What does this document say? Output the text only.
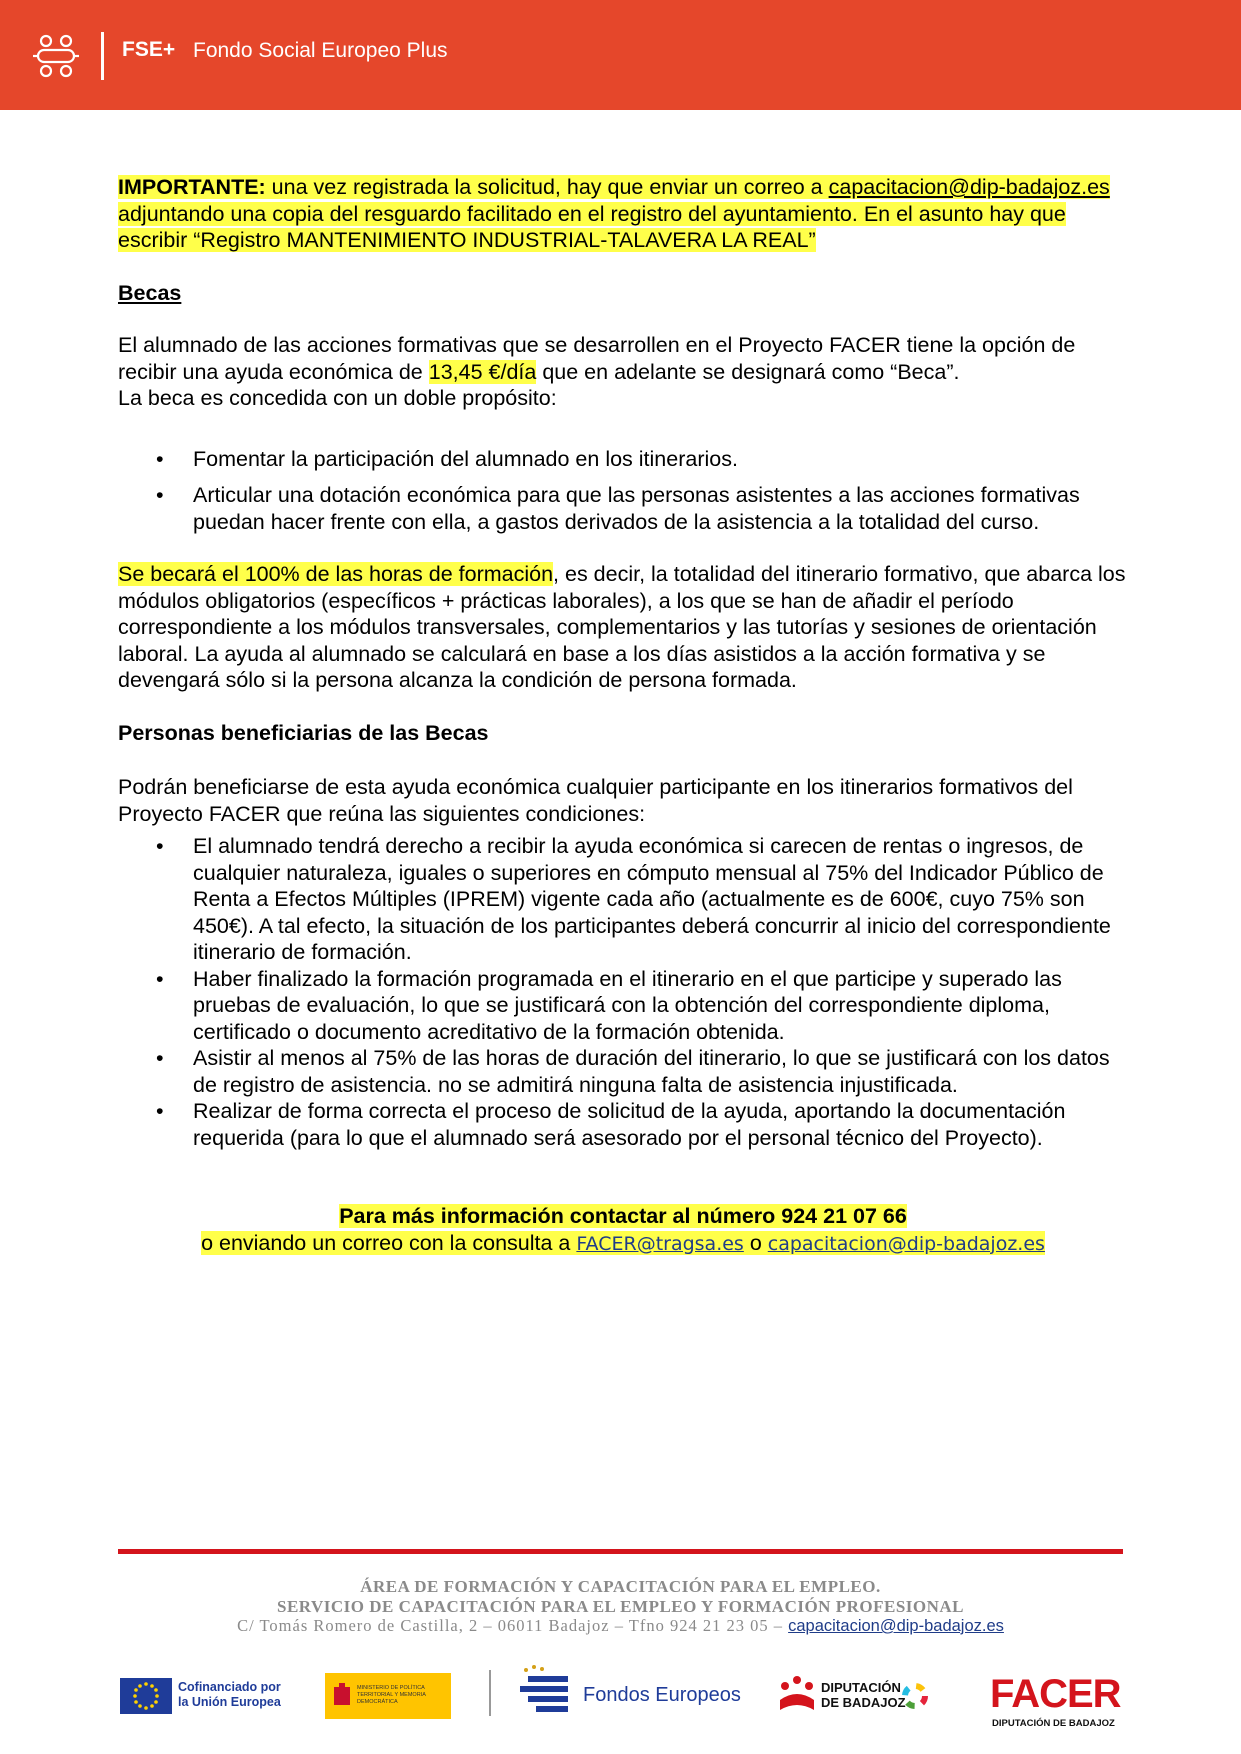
FSE+ Fondo Social Europeo Plus

IMPORTANTE: una vez registrada la solicitud, hay que enviar un correo a capacitacion@dip-badajoz.es adjuntando una copia del resguardo facilitado en el registro del ayuntamiento. En el asunto hay que escribir “Registro MANTENIMIENTO INDUSTRIAL-TALAVERA LA REAL”

Becas

El alumnado de las acciones formativas que se desarrollen en el Proyecto FACER tiene la opción de recibir una ayuda económica de 13,45 €/día que en adelante se designará como “Beca”.
La beca es concedida con un doble propósito:

• Fomentar la participación del alumnado en los itinerarios.
• Articular una dotación económica para que las personas asistentes a las acciones formativas puedan hacer frente con ella, a gastos derivados de la asistencia a la totalidad del curso.

Se becará el 100% de las horas de formación, es decir, la totalidad del itinerario formativo, que abarca los módulos obligatorios (específicos + prácticas laborales), a los que se han de añadir el período correspondiente a los módulos transversales, complementarios y las tutorías y sesiones de orientación laboral. La ayuda al alumnado se calculará en base a los días asistidos a la acción formativa y se devengará sólo si la persona alcanza la condición de persona formada.

Personas beneficiarias de las Becas

Podrán beneficiarse de esta ayuda económica cualquier participante en los itinerarios formativos del Proyecto FACER que reúna las siguientes condiciones:

• El alumnado tendrá derecho a recibir la ayuda económica si carecen de rentas o ingresos, de cualquier naturaleza, iguales o superiores en cómputo mensual al 75% del Indicador Público de Renta a Efectos Múltiples (IPREM) vigente cada año (actualmente es de 600€, cuyo 75% son 450€). A tal efecto, la situación de los participantes deberá concurrir al inicio del correspondiente itinerario de formación.
• Haber finalizado la formación programada en el itinerario en el que participe y superado las pruebas de evaluación, lo que se justificará con la obtención del correspondiente diploma, certificado o documento acreditativo de la formación obtenida.
• Asistir al menos al 75% de las horas de duración del itinerario, lo que se justificará con los datos de registro de asistencia. no se admitirá ninguna falta de asistencia injustificada.
• Realizar de forma correcta el proceso de solicitud de la ayuda, aportando la documentación requerida (para lo que el alumnado será asesorado por el personal técnico del Proyecto).
Para más información contactar al número 924 21 07 66
o enviando un correo con la consulta a FACER@tragsa.es o capacitacion@dip-badajoz.es
ÁREA DE FORMACIÓN Y CAPACITACIÓN PARA EL EMPLEO.
SERVICIO DE CAPACITACIÓN PARA EL EMPLEO Y FORMACIÓN PROFESIONAL
C/ Tomás Romero de Castilla, 2 – 06011 Badajoz – Tfno 924 21 23 05 – capacitacion@dip-badajoz.es
Cofinanciado por
la Unión Europea
MINISTERIO DE POLÍTICA TERRITORIAL Y MEMORIA DEMOCRÁTICA	Fondos Europeos	DIPUTACIÓN
DE BADAJOZ FACER
DIPUTACIÓN DE BADAJOZ
